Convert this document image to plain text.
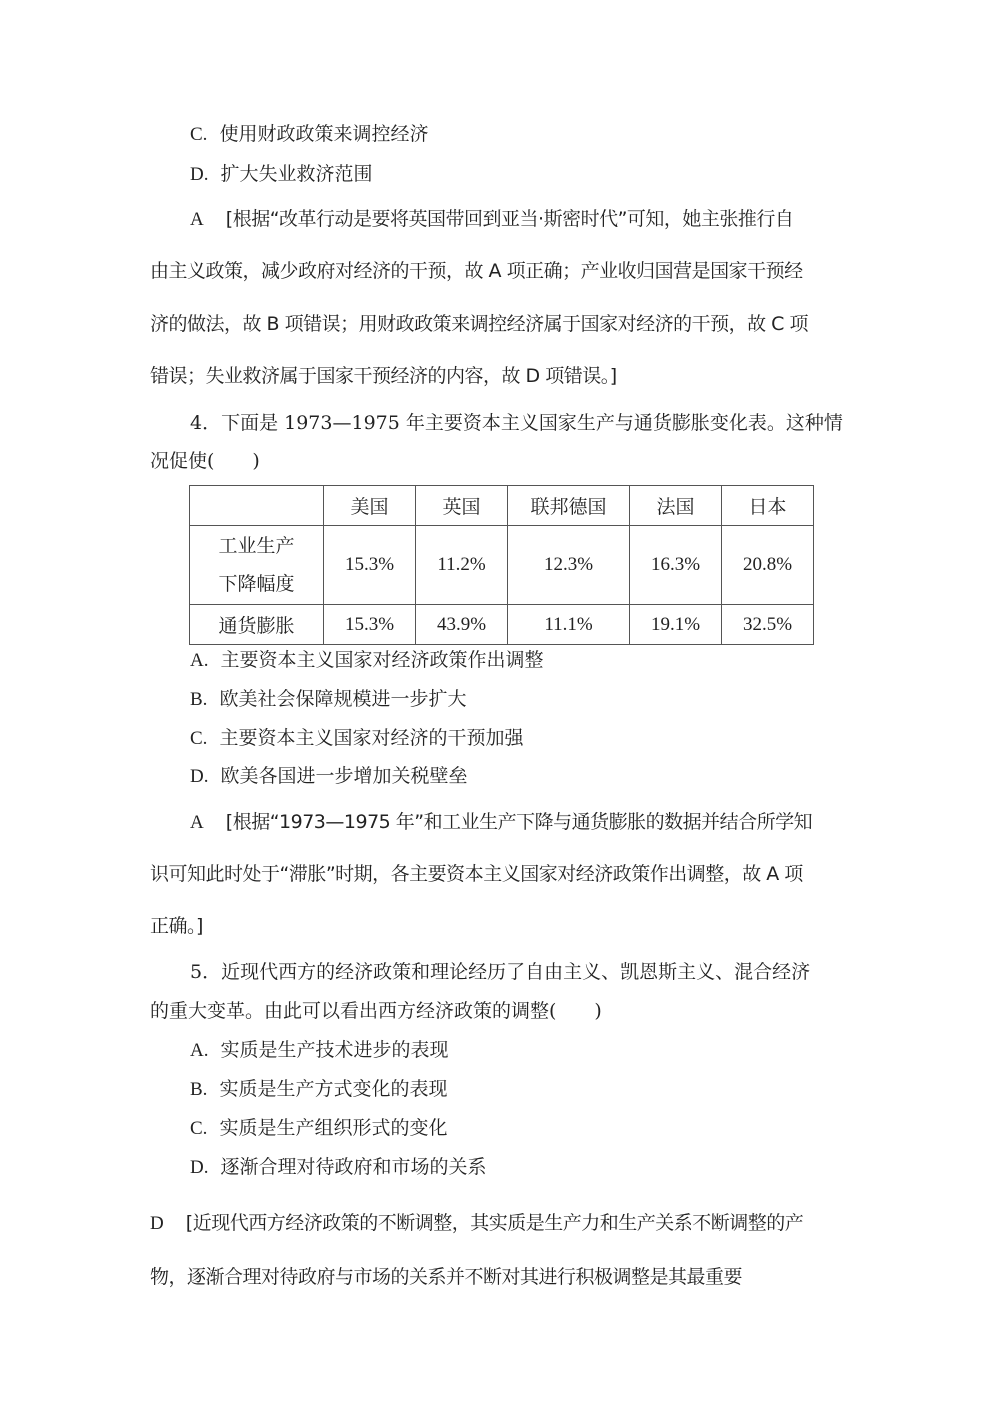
C. 使用财政政策来调控经济
D. 扩大失业救济范围
A [根据“改革行动是要将英国带回到亚当·斯密时代”可知，她主张推行自
由主义政策，减少政府对经济的干预，故 A 项正确；产业收归国营是国家干预经
济的做法，故 B 项错误；用财政政策来调控经济属于国家对经济的干预，故 C 项
错误；失业救济属于国家干预经济的内容，故 D 项错误。]
4．下面是 1973—1975 年主要资本主义国家生产与通货膨胀变化表。这种情
况促使(　　)
	美国	英国	联邦德国	法国	日本

工业生产
下降幅度	15.3%	11.2%	12.3%	16.3%	20.8%
通货膨胀	15.3%	43.9%	11.1%	19.1%	32.5%
A. 主要资本主义国家对经济政策作出调整
B. 欧美社会保障规模进一步扩大
C. 主要资本主义国家对经济的干预加强
D. 欧美各国进一步增加关税壁垒
A [根据“1973—1975 年”和工业生产下降与通货膨胀的数据并结合所学知
识可知此时处于“滞胀”时期，各主要资本主义国家对经济政策作出调整，故 A 项
正确。]
5．近现代西方的经济政策和理论经历了自由主义、凯恩斯主义、混合经济
的重大变革。由此可以看出西方经济政策的调整(　　)
A. 实质是生产技术进步的表现
B. 实质是生产方式变化的表现
C. 实质是生产组织形式的变化
D. 逐渐合理对待政府和市场的关系
D [近现代西方经济政策的不断调整，其实质是生产力和生产关系不断调整的产
物，逐渐合理对待政府与市场的关系并不断对其进行积极调整是其最重要
